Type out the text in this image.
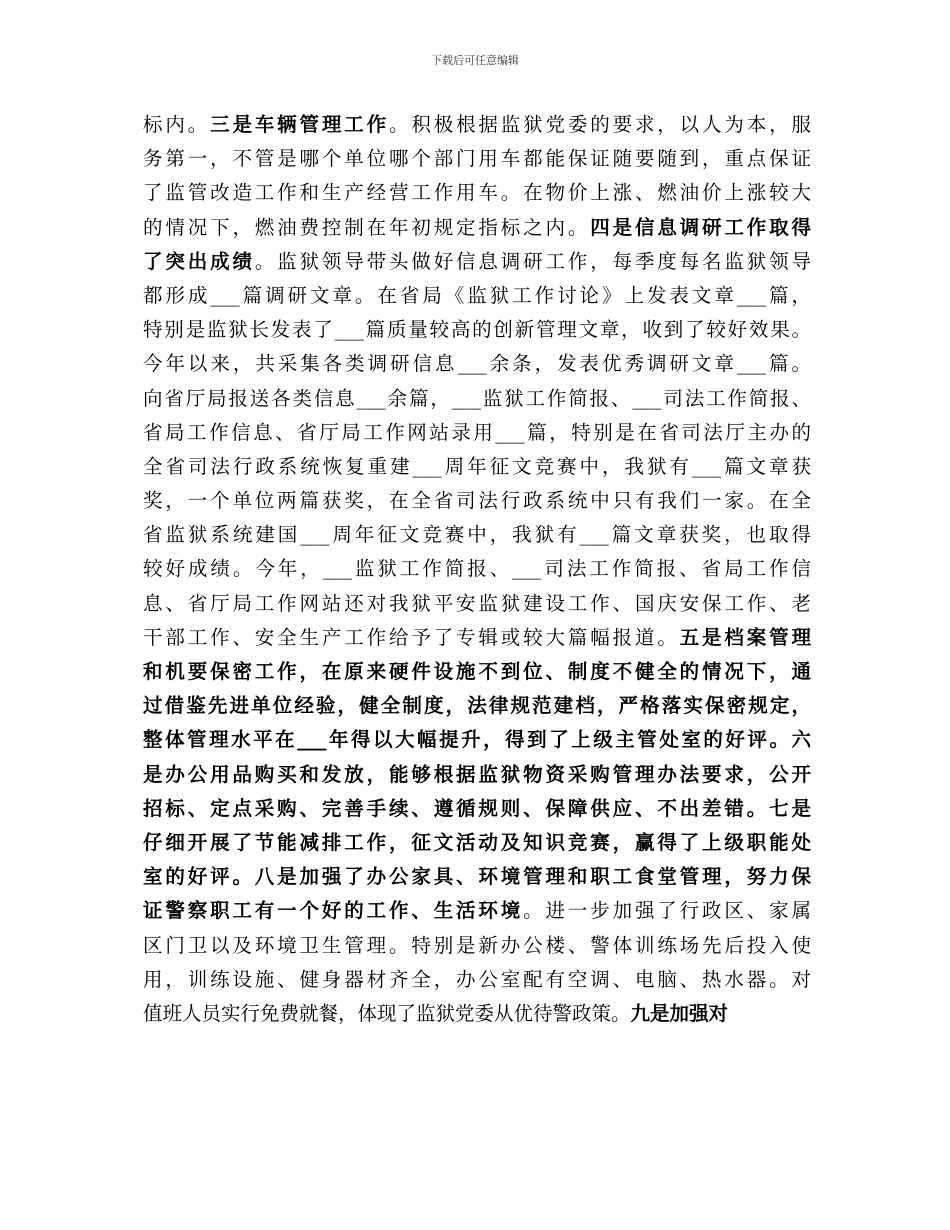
下载后可任意编辑
标内。三是车辆管理工作。积极根据监狱党委的要求，以人为本，服
务第一，不管是哪个单位哪个部门用车都能保证随要随到，重点保证
了监管改造工作和生产经营工作用车。在物价上涨、燃油价上涨较大
的情况下，燃油费控制在年初规定指标之内。四是信息调研工作取得
了突出成绩。监狱领导带头做好信息调研工作，每季度每名监狱领导
都形成___篇调研文章。在省局《监狱工作讨论》上发表文章___篇，
特别是监狱长发表了___篇质量较高的创新管理文章，收到了较好效果。
今年以来，共采集各类调研信息___余条，发表优秀调研文章___篇。
向省厅局报送各类信息___余篇，___监狱工作简报、___司法工作简报、
省局工作信息、省厅局工作网站录用___篇，特别是在省司法厅主办的
全省司法行政系统恢复重建___周年征文竞赛中，我狱有___篇文章获
奖，一个单位两篇获奖，在全省司法行政系统中只有我们一家。在全
省监狱系统建国___周年征文竞赛中，我狱有___篇文章获奖，也取得
较好成绩。今年，___监狱工作简报、___司法工作简报、省局工作信
息、省厅局工作网站还对我狱平安监狱建设工作、国庆安保工作、老
干部工作、安全生产工作给予了专辑或较大篇幅报道。五是档案管理
和机要保密工作，在原来硬件设施不到位、制度不健全的情况下，通
过借鉴先进单位经验，健全制度，法律规范建档，严格落实保密规定，
整体管理水平在___年得以大幅提升，得到了上级主管处室的好评。六
是办公用品购买和发放，能够根据监狱物资采购管理办法要求，公开
招标、定点采购、完善手续、遵循规则、保障供应、不出差错。七是
仔细开展了节能减排工作，征文活动及知识竞赛，赢得了上级职能处
室的好评。八是加强了办公家具、环境管理和职工食堂管理，努力保
证警察职工有一个好的工作、生活环境。进一步加强了行政区、家属
区门卫以及环境卫生管理。特别是新办公楼、警体训练场先后投入使
用，训练设施、健身器材齐全，办公室配有空调、电脑、热水器。对
值班人员实行免费就餐，体现了监狱党委从优待警政策。九是加强对
